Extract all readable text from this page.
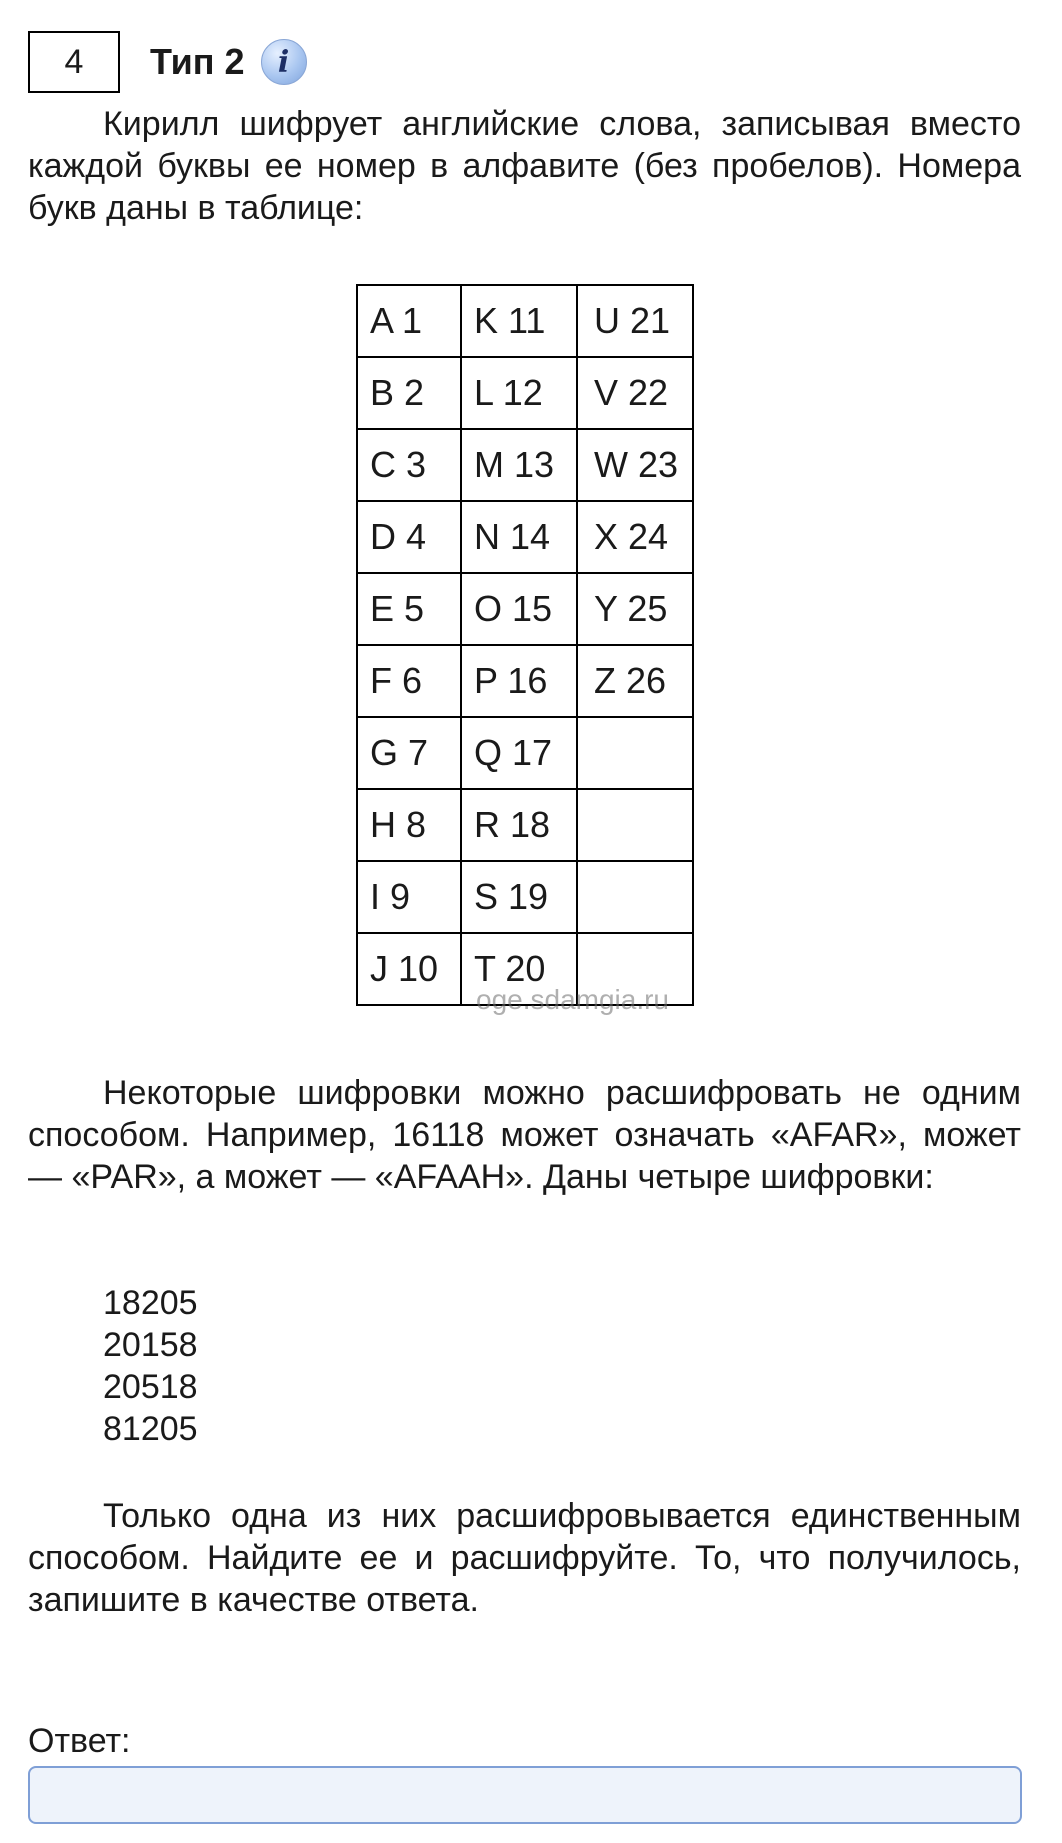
4	Тип 2	i

Кирилл шифрует английские слова, записывая вместо каждой буквы ее номер в алфавите (без пробелов). Номера букв даны в таблице:

A 1	K 11	U 21
B 2	L 12	V 22
C 3	M 13	W 23
D 4	N 14	X 24
E 5	O 15	Y 25
F 6	P 16	Z 26
G 7	Q 17	
H 8	R 18	
I 9	S 19	
J 10	T 20	
oge.sdamgia.ru

Некоторые шифровки можно расшифровать не одним способом. Например, 16118 может означать «AFAR», может — «PAR», а может — «AFAAH». Даны четыре шифровки:

18205
20158
20518
81205

Только одна из них расшифровывается единственным способом. Найдите ее и расшифруйте. То, что получилось, запишите в качестве ответа.

Ответ:
